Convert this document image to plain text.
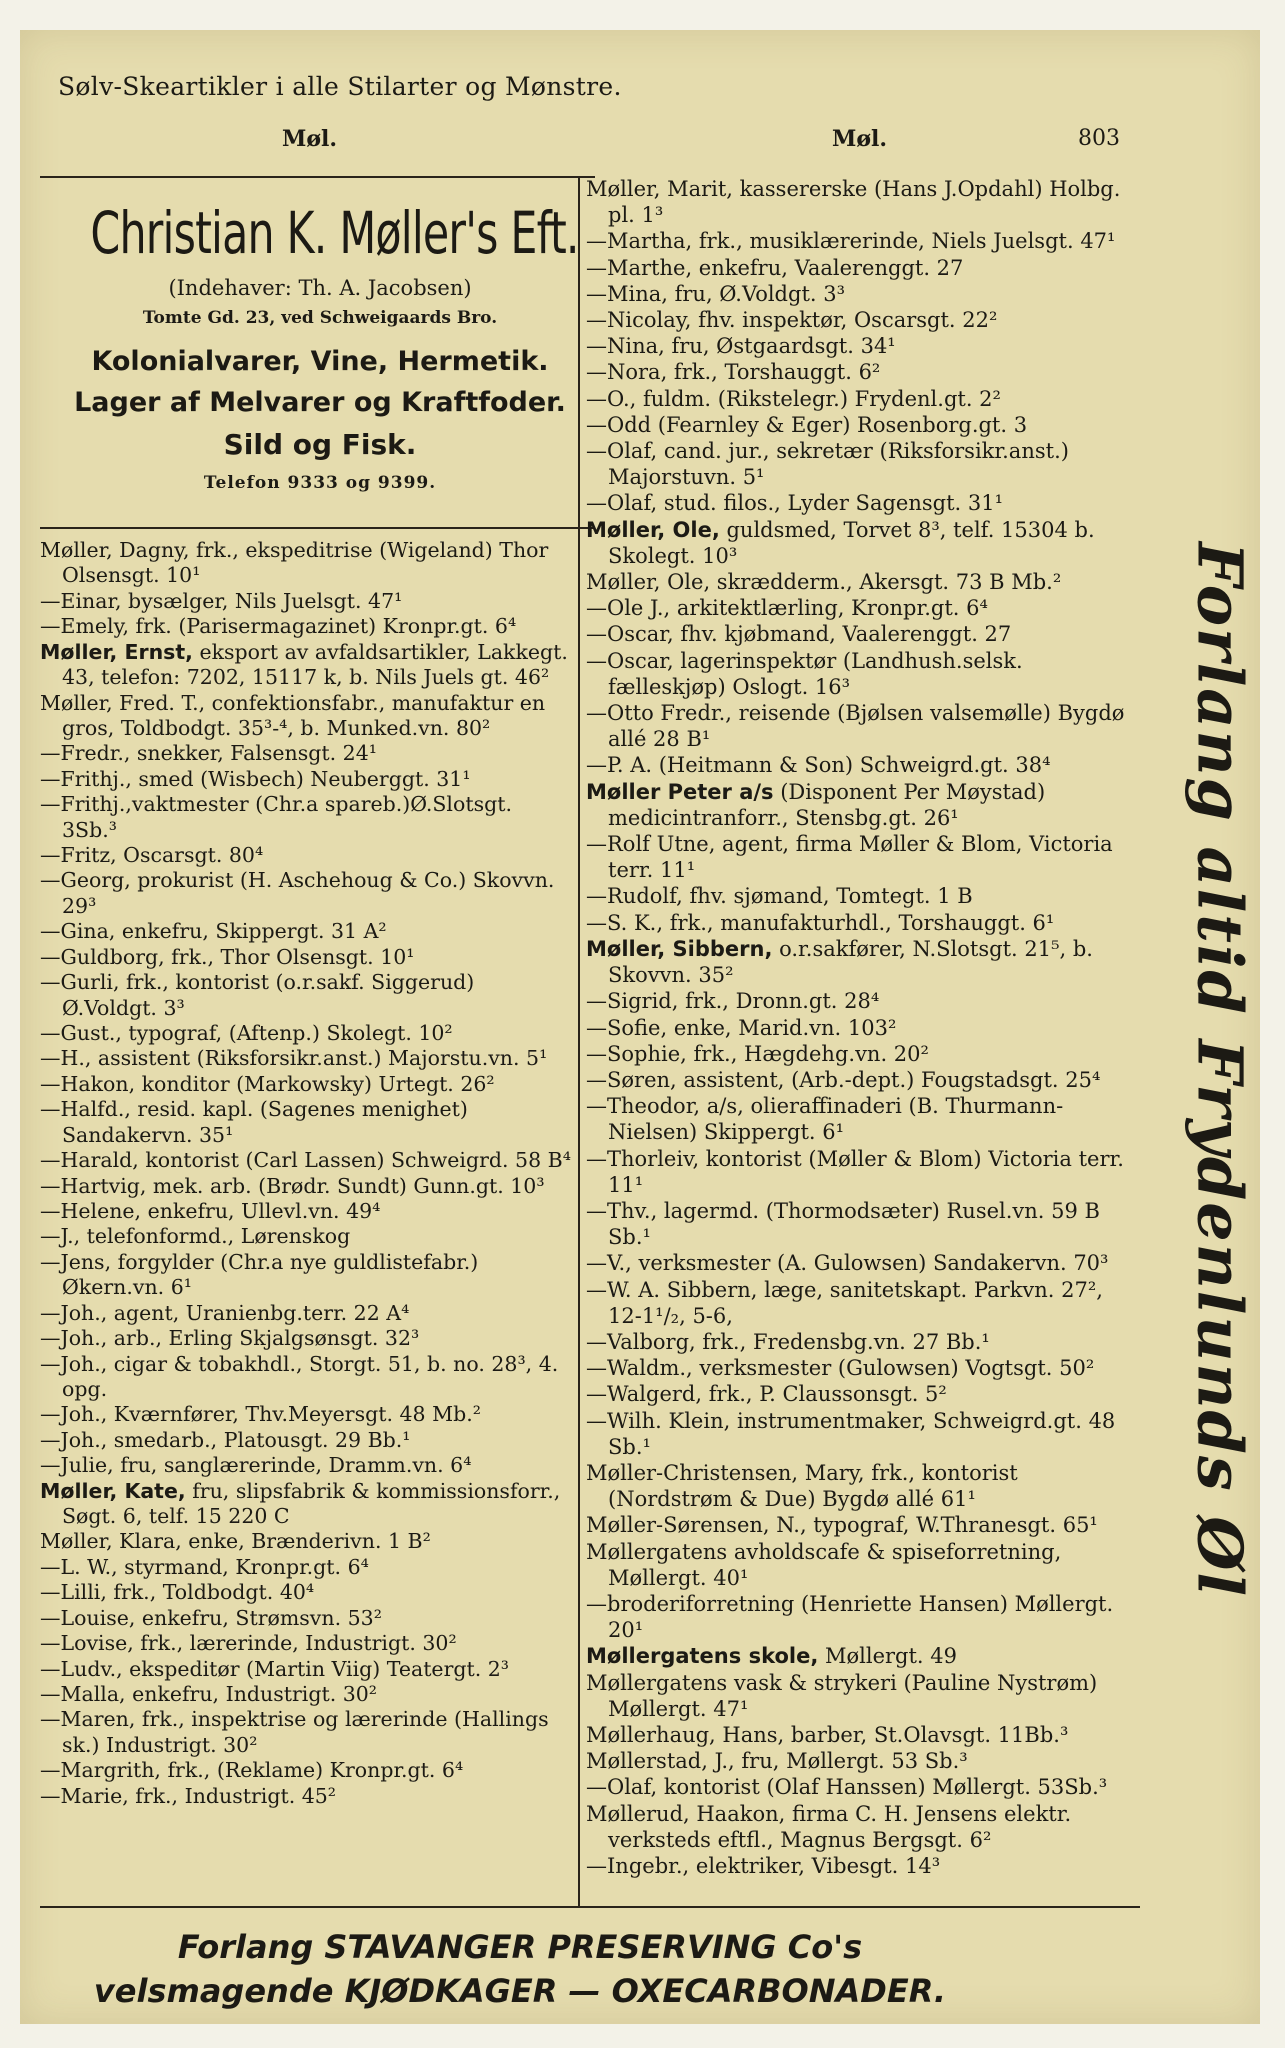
Sølv-Skeartikler i alle Stilarter og Mønstre.
Møl.	Møl.	803
Christian K. Møller's Eft.
(Indehaver: Th. A. Jacobsen)
Tomte Gd. 23, ved Schweigaards Bro.
Kolonialvarer, Vine, Hermetik.
Lager af Melvarer og Kraftfoder.
Sild og Fisk.
Telefon 9333 og 9399.

Møller, Dagny, frk., ekspeditrise (Wigeland) Thor Olsensgt. 10¹

—Einar, bysælger, Nils Juelsgt. 47¹

—Emely, frk. (Parisermagazinet) Kronpr.gt. 6⁴

Møller, Ernst, eksport av avfaldsartikler, Lakkegt. 43, telefon: 7202, 15117 k, b. Nils Juels gt. 46²

Møller, Fred. T., confektionsfabr., manufaktur en gros, Toldbodgt. 35³‑⁴, b. Munked.vn. 80²

—Fredr., snekker, Falsensgt. 24¹

—Frithj., smed (Wisbech) Neuberggt. 31¹

—Frithj.,vaktmester (Chr.a spareb.)Ø.Slotsgt. 3Sb.³

—Fritz, Oscarsgt. 80⁴

—Georg, prokurist (H. Aschehoug & Co.) Skovvn. 29³

—Gina, enkefru, Skippergt. 31 A²

—Guldborg, frk., Thor Olsensgt. 10¹

—Gurli, frk., kontorist (o.r.sakf. Siggerud) Ø.Voldgt. 3³

—Gust., typograf, (Aftenp.) Skolegt. 10²

—H., assistent (Riksforsikr.anst.) Majorstu.vn. 5¹

—Hakon, konditor (Markowsky) Urtegt. 26²

—Halfd., resid. kapl. (Sagenes menighet) Sandakervn. 35¹

—Harald, kontorist (Carl Lassen) Schweigrd. 58 B⁴

—Hartvig, mek. arb. (Brødr. Sundt) Gunn.gt. 10³

—Helene, enkefru, Ullevl.vn. 49⁴

—J., telefonformd., Lørenskog

—Jens, forgylder (Chr.a nye guldlistefabr.) Økern.vn. 6¹

—Joh., agent, Uranienbg.terr. 22 A⁴

—Joh., arb., Erling Skjalgsønsgt. 32³

—Joh., cigar & tobakhdl., Storgt. 51, b. no. 28³, 4. opg.

—Joh., Kværnfører, Thv.Meyersgt. 48 Mb.²

—Joh., smedarb., Platousgt. 29 Bb.¹

—Julie, fru, sanglærerinde, Dramm.vn. 6⁴

Møller, Kate, fru, slipsfabrik & kommissionsforr., Søgt. 6, telf. 15 220 C

Møller, Klara, enke, Brænderivn. 1 B²

—L. W., styrmand, Kronpr.gt. 6⁴

—Lilli, frk., Toldbodgt. 40⁴

—Louise, enkefru, Strømsvn. 53²

—Lovise, frk., lærerinde, Industrigt. 30²

—Ludv., ekspeditør (Martin Viig) Teatergt. 2³

—Malla, enkefru, Industrigt. 30²

—Maren, frk., inspektrise og lærerinde (Hallings sk.) Industrigt. 30²

—Margrith, frk., (Reklame) Kronpr.gt. 6⁴

—Marie, frk., Industrigt. 45²

Møller, Marit, kassererske (Hans J.Opdahl) Holbg. pl. 1³

—Martha, frk., musiklærerinde, Niels Juelsgt. 47¹

—Marthe, enkefru, Vaalerenggt. 27

—Mina, fru, Ø.Voldgt. 3³

—Nicolay, fhv. inspektør, Oscarsgt. 22²

—Nina, fru, Østgaardsgt. 34¹

—Nora, frk., Torshauggt. 6²

—O., fuldm. (Rikstelegr.) Frydenl.gt. 2²

—Odd (Fearnley & Eger) Rosenborg.gt. 3

—Olaf, cand. jur., sekretær (Riksforsikr.anst.) Majorstuvn. 5¹

—Olaf, stud. filos., Lyder Sagensgt. 31¹

Møller, Ole, guldsmed, Torvet 8³, telf. 15304 b. Skolegt. 10³

Møller, Ole, skrædderm., Akersgt. 73 B Mb.²

—Ole J., arkitektlærling, Kronpr.gt. 6⁴

—Oscar, fhv. kjøbmand, Vaalerenggt. 27

—Oscar, lagerinspektør (Landhush.selsk. fælleskjøp) Oslogt. 16³

—Otto Fredr., reisende (Bjølsen valsemølle) Bygdø allé 28 B¹

—P. A. (Heitmann & Son) Schweigrd.gt. 38⁴

Møller Peter a/s (Disponent Per Møystad) medicintranforr., Stensbg.gt. 26¹

—Rolf Utne, agent, firma Møller & Blom, Victoria terr. 11¹

—Rudolf, fhv. sjømand, Tomtegt. 1 B

—S. K., frk., manufakturhdl., Torshauggt. 6¹

Møller, Sibbern, o.r.sakfører, N.Slotsgt. 21⁵, b. Skovvn. 35²

—Sigrid, frk., Dronn.gt. 28⁴

—Sofie, enke, Marid.vn. 103²

—Sophie, frk., Hægdehg.vn. 20²

—Søren, assistent, (Arb.-dept.) Fougstadsgt. 25⁴

—Theodor, a/s, olieraffinaderi (B. Thurmann-Nielsen) Skippergt. 6¹

—Thorleiv, kontorist (Møller & Blom) Victoria terr. 11¹

—Thv., lagermd. (Thormodsæter) Rusel.vn. 59 B Sb.¹

—V., verksmester (A. Gulowsen) Sandakervn. 70³

—W. A. Sibbern, læge, sanitetskapt. Parkvn. 27², 12-1¹/₂, 5-6,

—Valborg, frk., Fredensbg.vn. 27 Bb.¹

—Waldm., verksmester (Gulowsen) Vogtsgt. 50²

—Walgerd, frk., P. Claussonsgt. 5²

—Wilh. Klein, instrumentmaker, Schweigrd.gt. 48 Sb.¹

Møller-Christensen, Mary, frk., kontorist (Nordstrøm & Due) Bygdø allé 61¹

Møller-Sørensen, N., typograf, W.Thranesgt. 65¹

Møllergatens avholdscafe & spiseforretning, Møllergt. 40¹

—broderiforretning (Henriette Hansen) Møllergt. 20¹

Møllergatens skole, Møllergt. 49

Møllergatens vask & strykeri (Pauline Nystrøm) Møllergt. 47¹

Møllerhaug, Hans, barber, St.Olavsgt. 11Bb.³

Møllerstad, J., fru, Møllergt. 53 Sb.³

—Olaf, kontorist (Olaf Hanssen) Møllergt. 53Sb.³

Møllerud, Haakon, firma C. H. Jensens elektr. verksteds eftfl., Magnus Bergsgt. 6²

—Ingebr., elektriker, Vibesgt. 14³

Forlang altid Frydenlunds Øl
Forlang STAVANGER PRESERVING Co's
velsmagende KJØDKAGER — OXECARBONADER.
